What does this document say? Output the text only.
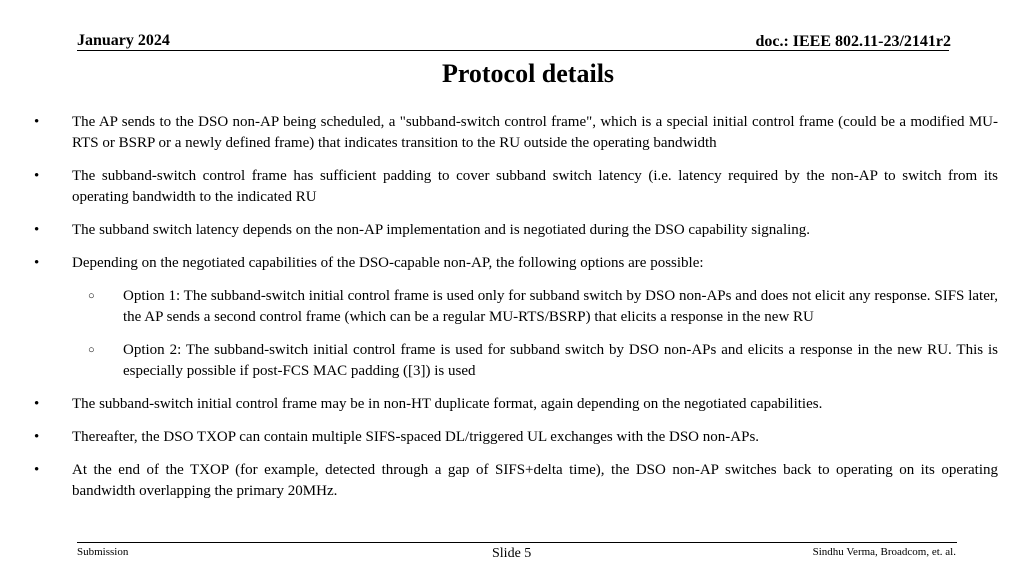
January 2024	doc.: IEEE 802.11-23/2141r2
Protocol details
• The AP sends to the DSO non-AP being scheduled, a "subband-switch control frame", which is a special initial control frame (could be a modified MU-RTS or BSRP or a newly defined frame) that indicates transition to the RU outside the operating bandwidth
• The subband-switch control frame has sufficient padding to cover subband switch latency (i.e. latency required by the non-AP to switch from its operating bandwidth to the indicated RU
• The subband switch latency depends on the non-AP implementation and is negotiated during the DSO capability signaling.
• Depending on the negotiated capabilities of the DSO-capable non-AP, the following options are possible:
○ Option 1: The subband-switch initial control frame is used only for subband switch by DSO non-APs and does not elicit any response. SIFS later, the AP sends a second control frame (which can be a regular MU-RTS/BSRP) that elicits a response in the new RU
○ Option 2: The subband-switch initial control frame is used for subband switch by DSO non-APs and elicits a response in the new RU. This is especially possible if post-FCS MAC padding ([3]) is used
• The subband-switch initial control frame may be in non-HT duplicate format, again depending on the negotiated capabilities.
• Thereafter, the DSO TXOP can contain multiple SIFS-spaced DL/triggered UL exchanges with the DSO non-APs.
• At the end of the TXOP (for example, detected through a gap of SIFS+delta time), the DSO non-AP switches back to operating on its operating bandwidth overlapping the primary 20MHz.
Submission	Slide 5	Sindhu Verma, Broadcom, et. al.
